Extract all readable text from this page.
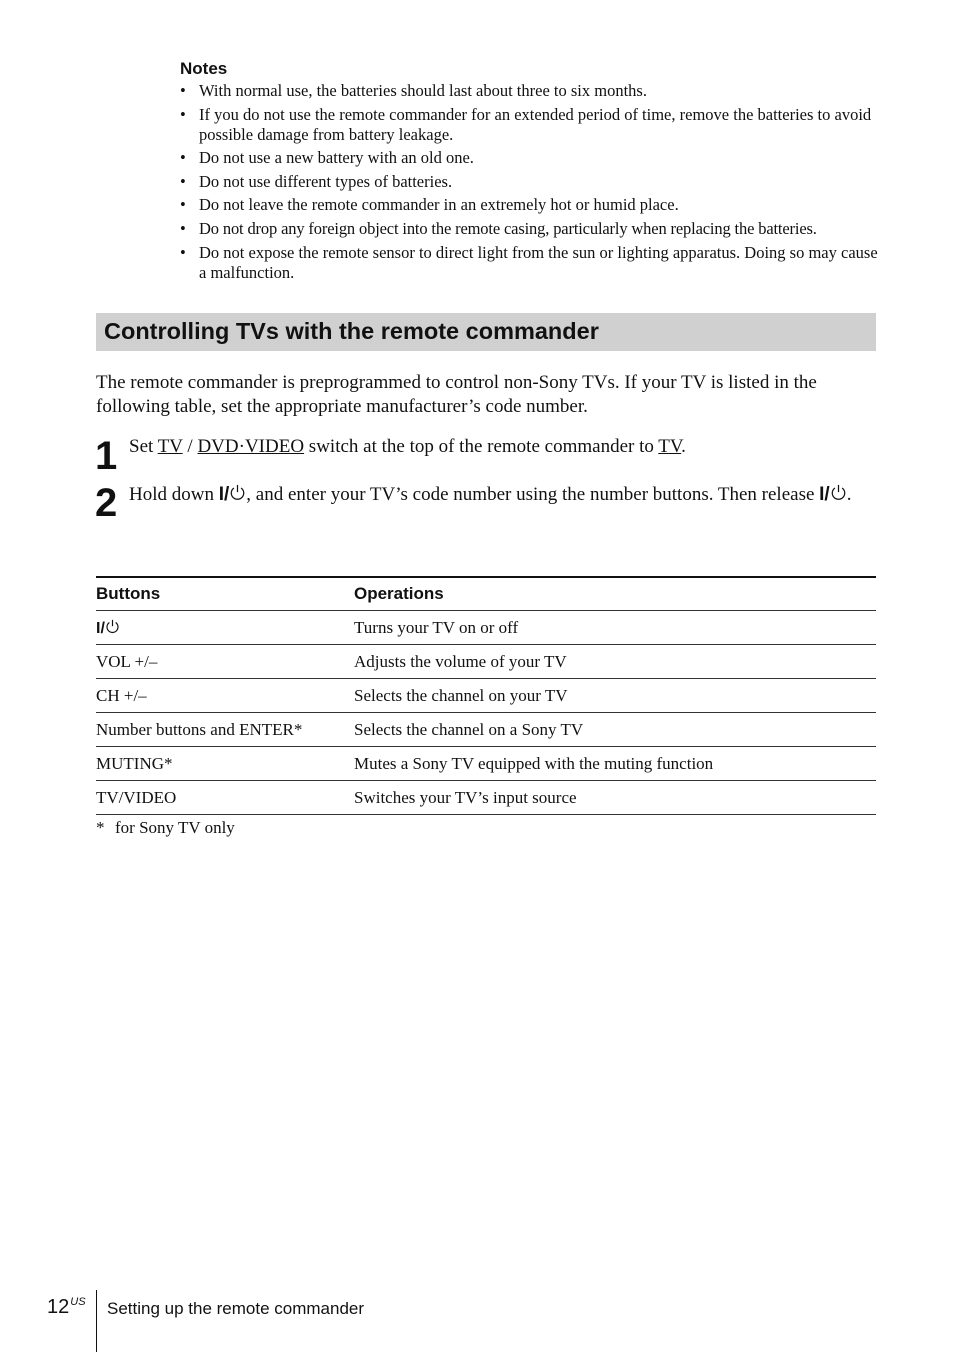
Notes
• With normal use, the batteries should last about three to six months.
• If you do not use the remote commander for an extended period of time, remove the batteries to avoid possible damage from battery leakage.
• Do not use a new battery with an old one.
• Do not use different types of batteries.
• Do not leave the remote commander in an extremely hot or humid place.
• Do not drop any foreign object into the remote casing, particularly when replacing the batteries.
• Do not expose the remote sensor to direct light from the sun or lighting apparatus. Doing so may cause a malfunction.
Controlling TVs with the remote commander

The remote commander is preprogrammed to control non-Sony TVs. If your TV is listed in the following table, set the appropriate manufacturer’s code number.

1 Set TV / DVD·VIDEO switch at the top of the remote commander to TV.

2 Hold down I/ , and enter your TV’s code number using the number buttons. Then release I/ .

Buttons	Operations
I/	Turns your TV on or off
VOL +/–	Adjusts the volume of your TV
CH +/–	Selects the channel on your TV
Number buttons and ENTER*	Selects the channel on a Sony TV
MUTING*	Mutes a Sony TV equipped with the muting function
TV/VIDEO	Switches your TV’s input source
* for Sony TV only
$12^{US}$ Setting up the remote commander
